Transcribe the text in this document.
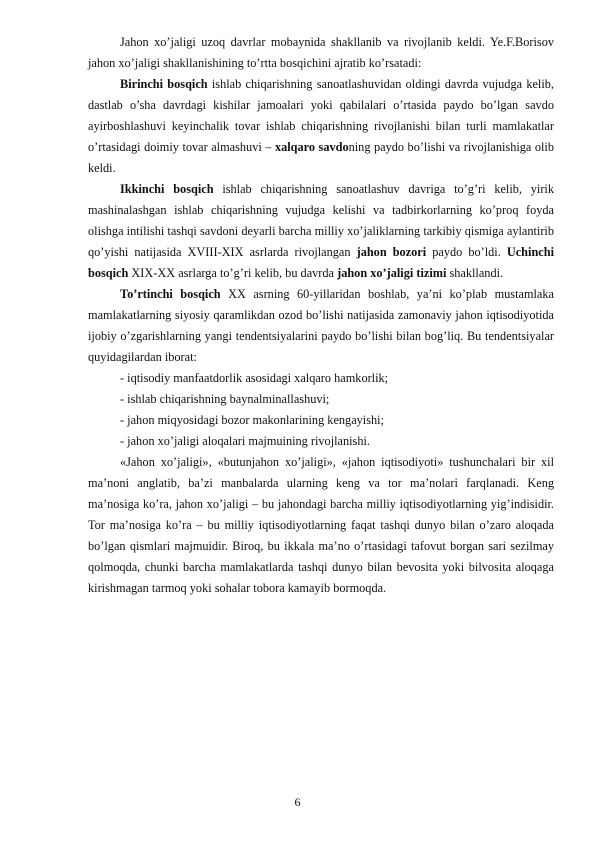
Jahon xo’jaligi uzoq davrlar mobaynida shakllanib va rivojlanib keldi. Ye.F.Borisov jahon xo’jaligi shakllanishining to’rtta bosqichini ajratib ko’rsatadi:

Birinchi bosqich ishlab chiqarishning sanoatlashuvidan oldingi davrda vujudga kelib, dastlab o’sha davrdagi kishilar jamoalari yoki qabilalari o’rtasida paydo bo’lgan savdo ayirboshlashuvi keyinchalik tovar ishlab chiqarishning rivojlanishi bilan turli mamlakatlar o’rtasidagi doimiy tovar almashuvi – xalqaro savdoning paydo bo’lishi va rivojlanishiga olib keldi.

Ikkinchi bosqich ishlab chiqarishning sanoatlashuv davriga to’g’ri kelib, yirik mashinalashgan ishlab chiqarishning vujudga kelishi va tadbirkorlarning ko’proq foyda olishga intilishi tashqi savdoni deyarli barcha milliy xo’jaliklarning tarkibiy qismiga aylantirib qo’yishi natijasida XVIII-XIX asrlarda rivojlangan jahon bozori paydo bo’ldi. Uchinchi bosqich XIX-XX asrlarga to’g’ri kelib, bu davrda jahon xo’jaligi tizimi shakllandi.

To’rtinchi bosqich XX asrning 60-yillaridan boshlab, ya’ni ko’plab mustamlaka mamlakatlarning siyosiy qaramlikdan ozod bo’lishi natijasida zamonaviy jahon iqtisodiyotida ijobiy o’zgarishlarning yangi tendentsiyalarini paydo bo’lishi bilan bog’liq. Bu tendentsiyalar quyidagilardan iborat:

- iqtisodiy manfaatdorlik asosidagi xalqaro hamkorlik;

- ishlab chiqarishning baynalminallashuvi;

- jahon miqyosidagi bozor makonlarining kengayishi;

- jahon xo’jaligi aloqalari majmuining rivojlanishi.

«Jahon xo’jaligi», «butunjahon xo’jaligi», «jahon iqtisodiyoti» tushunchalari bir xil ma’noni anglatib, ba’zi manbalarda ularning keng va tor ma’nolari farqlanadi. Keng ma’nosiga ko’ra, jahon xo’jaligi – bu jahondagi barcha milliy iqtisodiyotlarning yig’indisidir. Tor ma’nosiga ko’ra – bu milliy iqtisodiyotlarning faqat tashqi dunyo bilan o’zaro aloqada bo’lgan qismlari majmuidir. Biroq, bu ikkala ma’no o’rtasidagi tafovut borgan sari sezilmay qolmoqda, chunki barcha mamlakatlarda tashqi dunyo bilan bevosita yoki bilvosita aloqaga kirishmagan tarmoq yoki sohalar tobora kamayib bormoqda.

6
